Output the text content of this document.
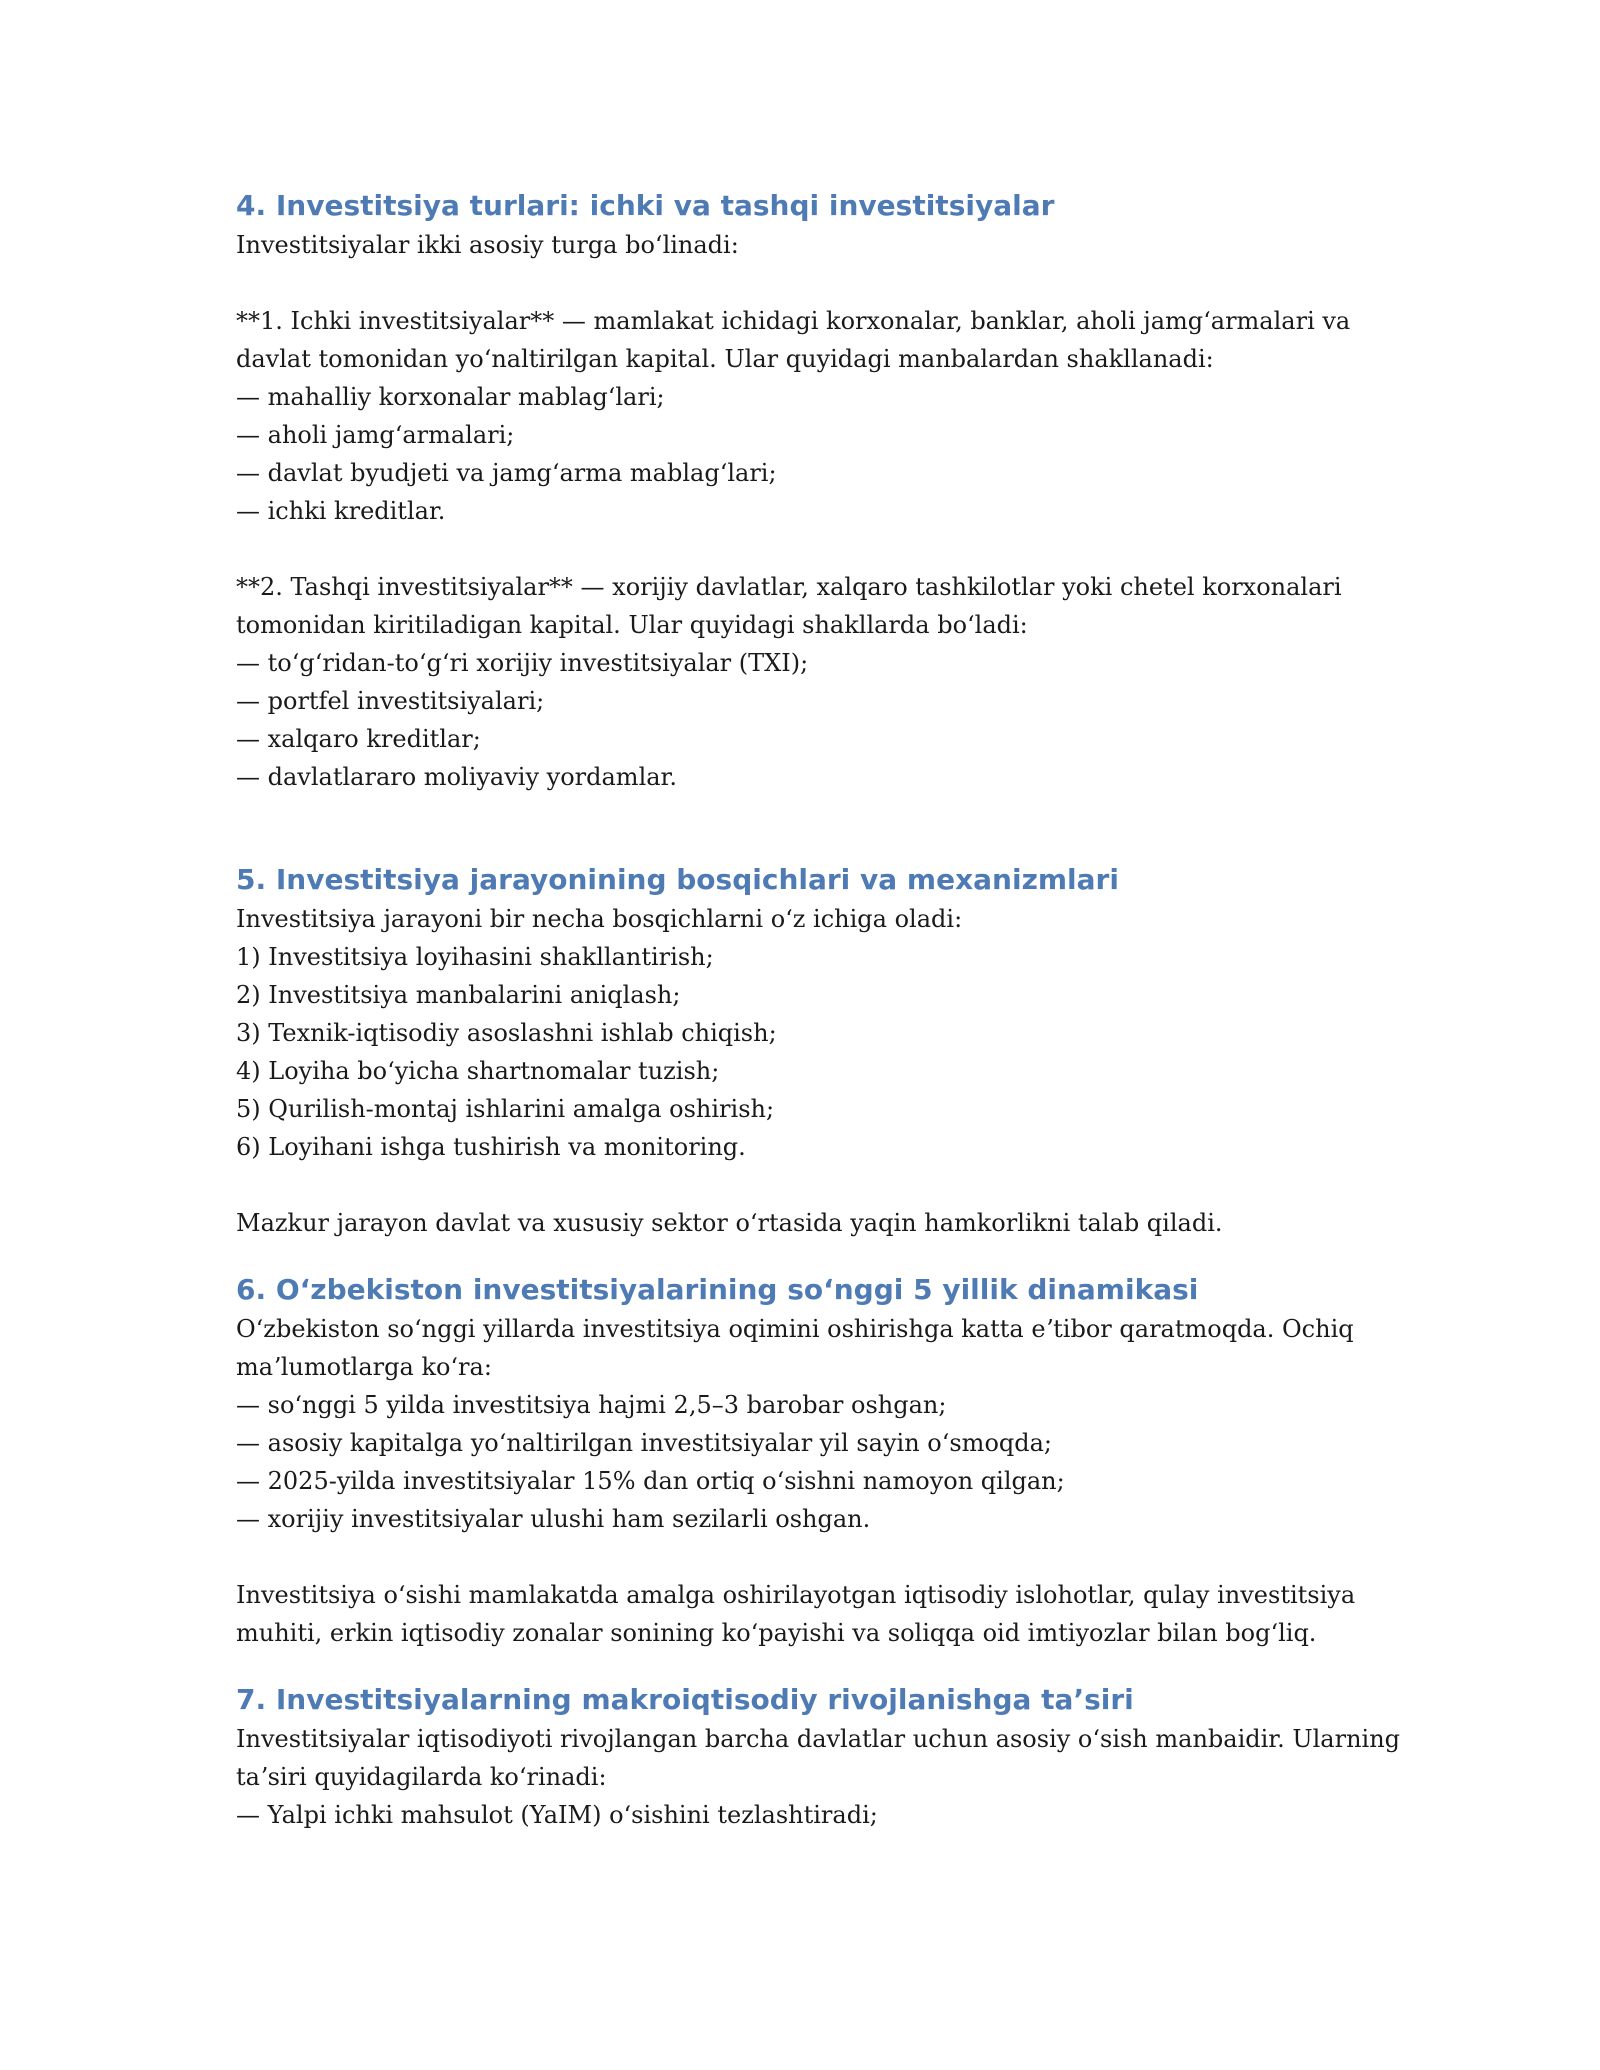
4. Investitsiya turlari: ichki va tashqi investitsiyalar

Investitsiyalar ikki asosiy turga boʻlinadi:

**1. Ichki investitsiyalar** — mamlakat ichidagi korxonalar, banklar, aholi jamgʻarmalari va

davlat tomonidan yoʻnaltirilgan kapital. Ular quyidagi manbalardan shakllanadi:

— mahalliy korxonalar mablagʻlari;

— aholi jamgʻarmalari;

— davlat byudjeti va jamgʻarma mablagʻlari;

— ichki kreditlar.

**2. Tashqi investitsiyalar** — xorijiy davlatlar, xalqaro tashkilotlar yoki chetel korxonalari

tomonidan kiritiladigan kapital. Ular quyidagi shakllarda boʻladi:

— toʻgʻridan-toʻgʻri xorijiy investitsiyalar (TXI);

— portfel investitsiyalari;

— xalqaro kreditlar;

— davlatlararo moliyaviy yordamlar.

5. Investitsiya jarayonining bosqichlari va mexanizmlari

Investitsiya jarayoni bir necha bosqichlarni oʻz ichiga oladi:

1) Investitsiya loyihasini shakllantirish;

2) Investitsiya manbalarini aniqlash;

3) Texnik-iqtisodiy asoslashni ishlab chiqish;

4) Loyiha boʻyicha shartnomalar tuzish;

5) Qurilish-montaj ishlarini amalga oshirish;

6) Loyihani ishga tushirish va monitoring.

Mazkur jarayon davlat va xususiy sektor oʻrtasida yaqin hamkorlikni talab qiladi.

6. Oʻzbekiston investitsiyalarining soʻnggi 5 yillik dinamikasi

Oʻzbekiston soʻnggi yillarda investitsiya oqimini oshirishga katta eʼtibor qaratmoqda. Ochiq

maʼlumotlarga koʻra:

— soʻnggi 5 yilda investitsiya hajmi 2,5–3 barobar oshgan;

— asosiy kapitalga yoʻnaltirilgan investitsiyalar yil sayin oʻsmoqda;

— 2025-yilda investitsiyalar 15% dan ortiq oʻsishni namoyon qilgan;

— xorijiy investitsiyalar ulushi ham sezilarli oshgan.

Investitsiya oʻsishi mamlakatda amalga oshirilayotgan iqtisodiy islohotlar, qulay investitsiya

muhiti, erkin iqtisodiy zonalar sonining koʻpayishi va soliqqa oid imtiyozlar bilan bogʻliq.

7. Investitsiyalarning makroiqtisodiy rivojlanishga taʼsiri

Investitsiyalar iqtisodiyoti rivojlangan barcha davlatlar uchun asosiy oʻsish manbaidir. Ularning

taʼsiri quyidagilarda koʻrinadi:

— Yalpi ichki mahsulot (YaIM) oʻsishini tezlashtiradi;
